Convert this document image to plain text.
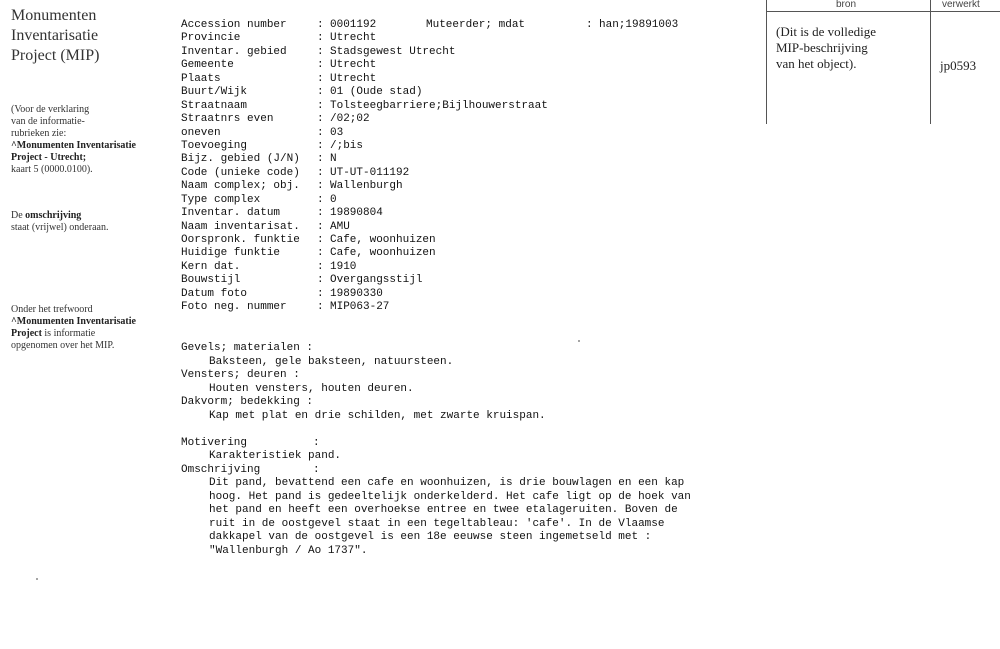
Monumenten
Inventarisatie
Project (MIP)
(Voor de verklaring
van de informatie-
rubrieken zie:
^Monumenten Inventarisatie
Project - Utrecht;
kaart 5 (0000.0100).
De omschrijving
staat (vrijwel) onderaan.
Onder het trefwoord
^Monumenten Inventarisatie
Project is informatie
opgenomen over het MIP.
Accession number	: 0001192
Provincie	: Utrecht
Inventar. gebied	: Stadsgewest Utrecht
Gemeente	: Utrecht
Plaats	: Utrecht
Buurt/Wijk	: 01 (Oude stad)
Straatnaam	: Tolsteegbarriere;Bijlhouwerstraat
Straatnrs even	: /02;02
oneven	: 03
Toevoeging	: /;bis
Bijz. gebied (J/N) : N
Code (unieke code) : UT-UT-011192
Naam complex; obj. : Wallenburgh
Type complex	: 0
Inventar. datum	: 19890804
Naam inventarisat. : AMU
Oorspronk. funktie : Cafe, woonhuizen
Huidige funktie	: Cafe, woonhuizen
Kern dat.	: 1910
Bouwstijl	: Overgangsstijl
Datum foto	: 19890330
Foto neg. nummer	: MIP063-27
Muteerder; mdat	: han;19891003
Gevels; materialen :
Baksteen, gele baksteen, natuursteen.
Vensters; deuren :
Houten vensters, houten deuren.
Dakvorm; bedekking :
Kap met plat en drie schilden, met zwarte kruispan.
Motivering          :
Karakteristiek pand.
Omschrijving        :
Dit pand, bevattend een cafe en woonhuizen, is drie bouwlagen en een kap
hoog. Het pand is gedeeltelijk onderkelderd. Het cafe ligt op de hoek van
het pand en heeft een overhoekse entree en twee etalageruiten. Boven de
ruit in de oostgevel staat in een tegeltableau: 'cafe'. In de Vlaamse
dakkapel van de oostgevel is een 18e eeuwse steen ingemetseld met :
"Wallenburgh / Ao 1737".
bron	verwerkt
(Dit is de volledige
MIP-beschrijving
van het object).	jp0593
